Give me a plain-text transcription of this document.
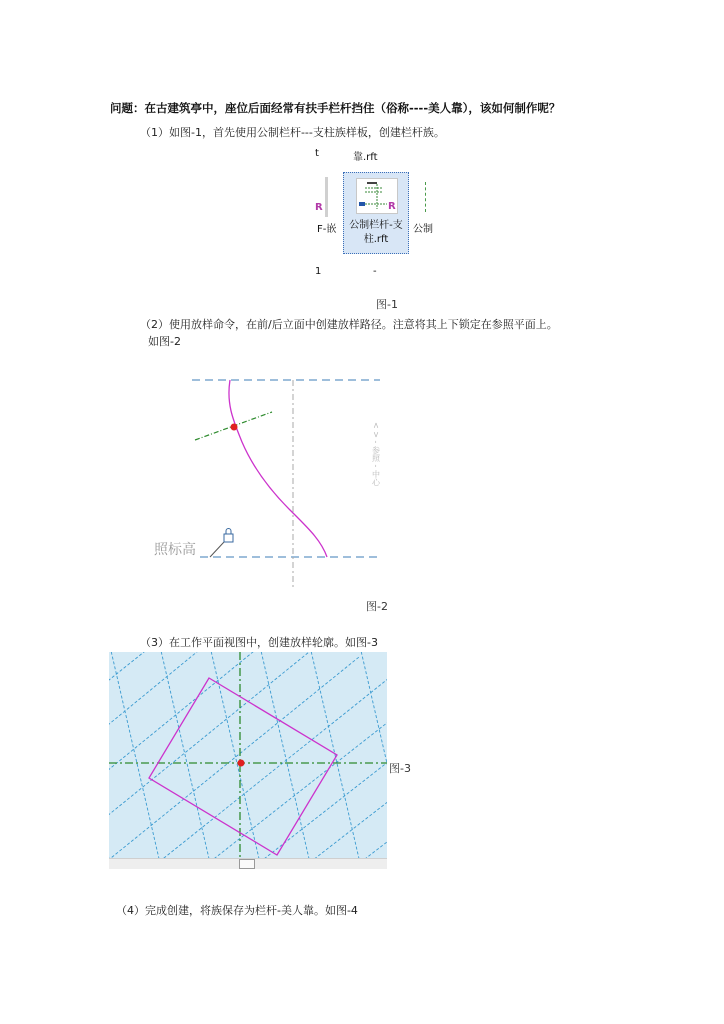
问题：在古建筑亭中，座位后面经常有扶手栏杆挡住（俗称----美人靠），该如何制作呢？
（1）如图-1，首先使用公制栏杆---支柱族样板，创建栏杆族。
靠.rft
t
F-嵌	公制
R	R
公制栏杆-支
柱.rft
1	-
图-1
（2）使用放样命令，在前/后立面中创建放样路径。注意将其上下锁定在参照平面上。
如图-2
照标高
< > - 参照 - 中心
图-2
（3）在工作平面视图中，创建放样轮廓。如图-3
图-3
（4）完成创建，将族保存为栏杆-美人靠。如图-4
